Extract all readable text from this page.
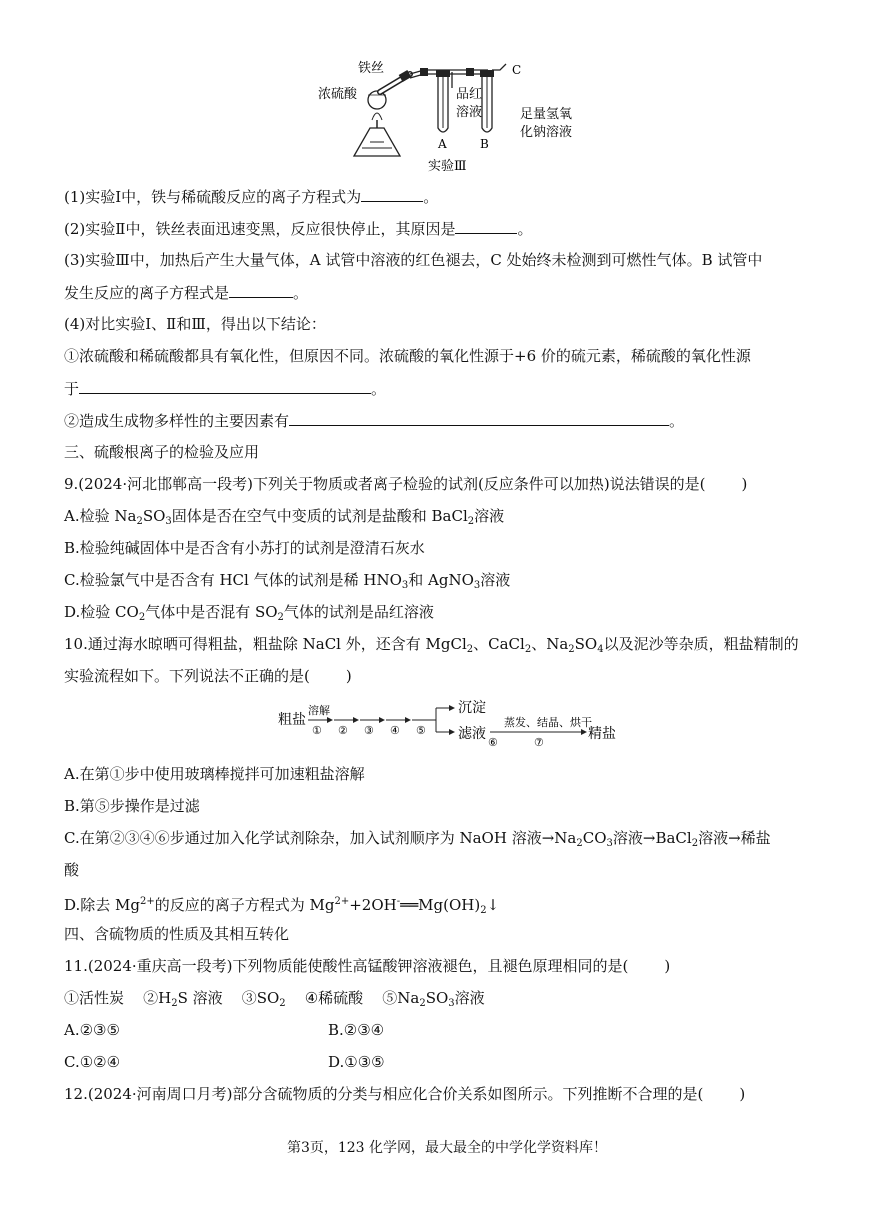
铁丝
浓硫酸	品红
溶液	足量氢氧
化钠溶液
A	B
C
实验Ⅲ
(1)实验Ⅰ中，铁与稀硫酸反应的离子方程式为	。
(2)实验Ⅱ中，铁丝表面迅速变黑，反应很快停止，其原因是	。
(3)实验Ⅲ中，加热后产生大量气体，A 试管中溶液的红色褪去，C 处始终未检测到可燃性气体。B 试管中
发生反应的离子方程式是	。
(4)对比实验Ⅰ、Ⅱ和Ⅲ，得出以下结论：
①浓硫酸和稀硫酸都具有氧化性，但原因不同。浓硫酸的氧化性源于+6 价的硫元素，稀硫酸的氧化性源
于	。
②造成生成物多样性的主要因素有	。
三、硫酸根离子的检验及应用
9.(2024·河北邯郸高一段考)下列关于物质或者离子检验的试剂(反应条件可以加热)说法错误的是( )
A.检验 $Na_2SO_3$固体是否在空气中变质的试剂是盐酸和 BaCl$_2$溶液
B.检验纯碱固体中是否含有小苏打的试剂是澄清石灰水
C.检验氯气中是否含有 HCl 气体的试剂是稀 $HNO_3$和 AgNO$_3$溶液
D.检验 $CO_2$气体中是否混有 $SO_2$气体的试剂是品红溶液
10.通过海水晾晒可得粗盐，粗盐除 NaCl 外，还含有 MgCl$_2$、CaCl$_2$、$Na_2SO_4$以及泥沙等杂质，粗盐精制的
实验流程如下。下列说法不正确的是( )
粗盐
溶解
① ② ③ ④ ⑤
沉淀
滤液
⑥
蒸发、结晶、烘干
⑦
精盐
A.在第①步中使用玻璃棒搅拌可加速粗盐溶解
B.第⑤步操作是过滤
C.在第②③④⑥步通过加入化学试剂除杂，加入试剂顺序为 NaOH 溶液$\to Na_2CO_3$溶液→BaCl$_2$溶液→稀盐
酸
D.除去 $Mg^{2+}$的反应的离子方程式为 $Mg^{2+}+2OH^-══Mg(OH)_2↓$
四、含硫物质的性质及其相互转化
11.(2024·重庆高一段考)下列物质能使酸性高锰酸钾溶液褪色，且褪色原理相同的是( )
①活性炭 $②H_2S$ 溶液 $③SO_2$ ④稀硫酸 $⑤Na_2SO_3$溶液
A.②③⑤	B.②③④
C.①②④	D.①③⑤
12.(2024·河南周口月考)部分含硫物质的分类与相应化合价关系如图所示。下列推断不合理的是( )
第3页，123 化学网，最大最全的中学化学资料库！
